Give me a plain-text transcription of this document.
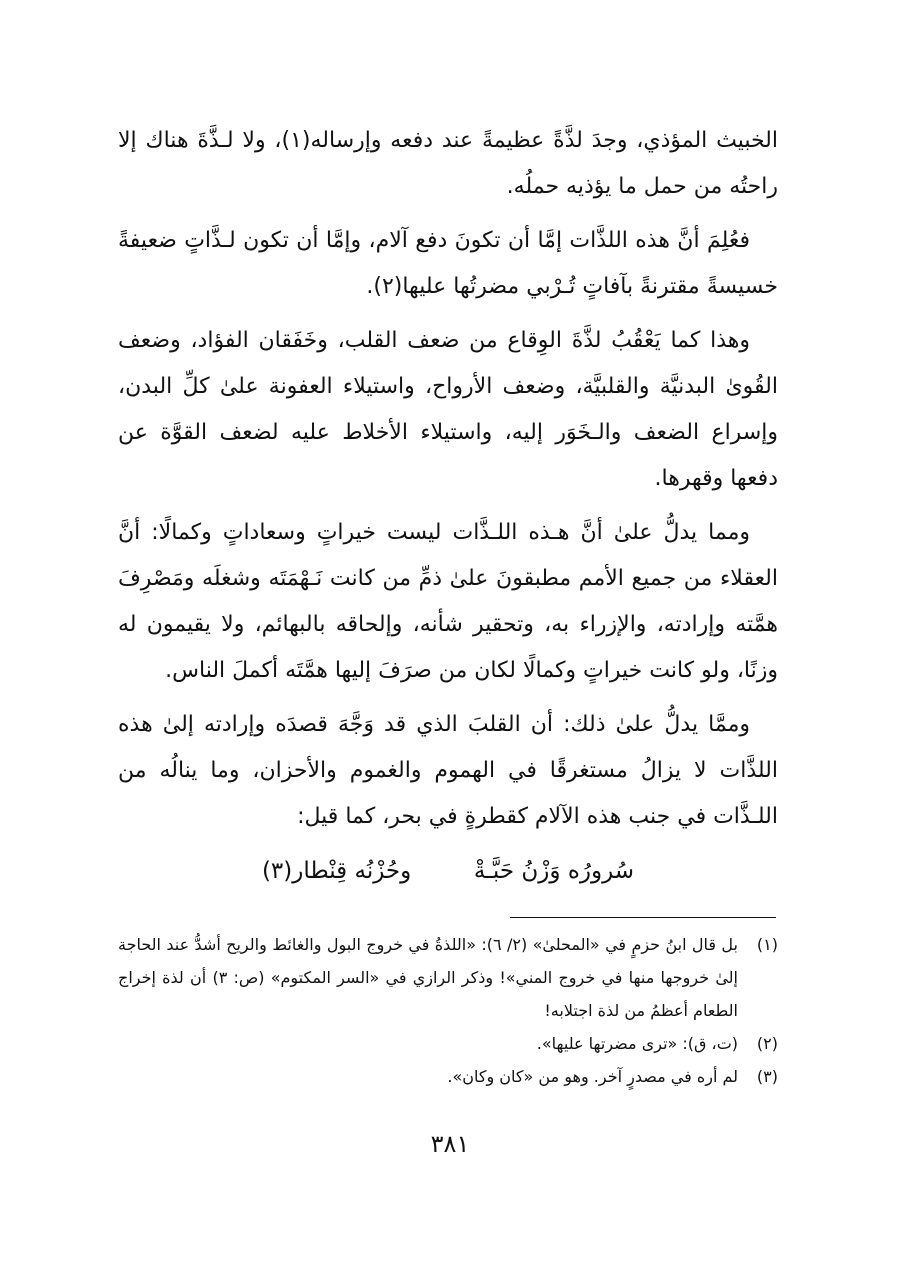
الخبيث المؤذي، وجدَ لذَّةً عظيمةً عند دفعه وإرساله(١)، ولا لـذَّةَ هناك إلا راحتُه من حمل ما يؤذيه حملُه.

فعُلِمَ أنَّ هذه اللذَّات إمَّا أن تكونَ دفع آلام، وإمَّا أن تكون لـذَّاتٍ ضعيفةً خسيسةً مقترنةً بآفاتٍ تُـرْبي مضرتُها عليها(٢).

وهذا كما يَعْقُبُ لذَّةَ الوِقاع من ضعف القلب، وخَفَقان الفؤاد، وضعف القُوىٰ البدنيَّة والقلبيَّة، وضعف الأرواح، واستيلاء العفونة علىٰ كلِّ البدن، وإسراع الضعف والـخَوَر إليه، واستيلاء الأخلاط عليه لضعف القوَّة عن دفعها وقهرها.

ومما يدلُّ علىٰ أنَّ هـذه اللـذَّات ليست خيراتٍ وسعاداتٍ وكمالًا: أنَّ العقلاء من جميع الأمم مطبقونَ علىٰ ذمِّ من كانت نَـهْمَتَه وشغلَه ومَصْرِفَ همَّته وإرادته، والإزراء به، وتحقير شأنه، وإلحاقه بالبهائم، ولا يقيمون له وزنًا، ولو كانت خيراتٍ وكمالًا لكان من صرَفَ إليها همَّتَه أكملَ الناس.

وممَّا يدلُّ علىٰ ذلك: أن القلبَ الذي قد وَجَّهَ قصدَه وإرادته إلىٰ هذه اللذَّات لا يزالُ مستغرقًا في الهموم والغموم والأحزان، وما ينالُه من اللـذَّات في جنب هذه الآلام كقطرةٍ في بحر، كما قيل:

سُرورُه وَزْنُ حَبَّـةْ  وحُزْنُه قِنْطار(٣)
(١)
بل قال ابنُ حزمٍ في «المحلىٰ» (٢/ ٦): «اللذةُ في خروج البول والغائط والريح أشدُّ عند الحاجة إلىٰ خروجها منها في خروج المني»! وذكر الرازي في «السر المكتوم» (ص: ٣) أن لذة إخراج الطعام أعظمُ من لذة اجتلابه!
(٢)
(ت، ق): «ترى مضرتها عليها».
(٣)
لم أره في مصدرٍ آخر. وهو من «كان وكان».
٣٨١
